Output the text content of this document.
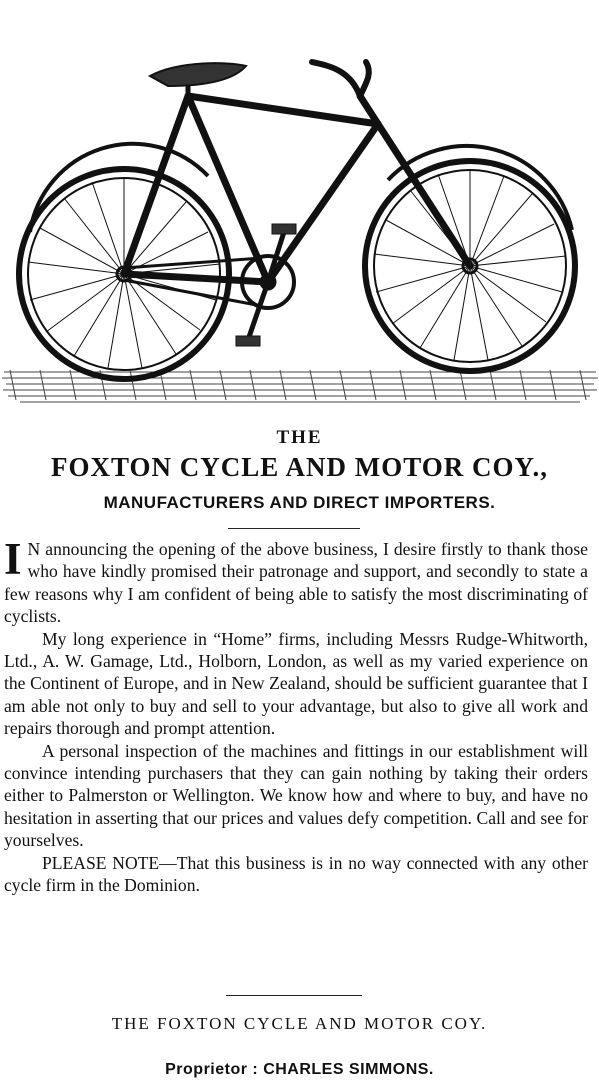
THE
FOXTON CYCLE AND MOTOR COY.,
MANUFACTURERS AND DIRECT IMPORTERS.

I N announcing the opening of the above business, I desire firstly to thank those who have kindly promised their patronage and support, and secondly to state a few reasons why I am confident of being able to satisfy the most discriminating of cyclists.

My long experience in “Home” firms, including Messrs Rudge-Whitworth, Ltd., A. W. Gamage, Ltd., Holborn, London, as well as my varied experience on the Continent of Europe, and in New Zealand, should be sufficient guarantee that I am able not only to buy and sell to your advantage, but also to give all work and repairs thorough and prompt attention.

A personal inspection of the machines and fittings in our establishment will convince intending purchasers that they can gain nothing by taking their orders either to Palmerston or Wellington. We know how and where to buy, and have no hesitation in asserting that our prices and values defy competition. Call and see for yourselves.

PLEASE NOTE—That this business is in no way connected with any other cycle firm in the Dominion.

THE FOXTON CYCLE AND MOTOR COY.
Proprietor : CHARLES SIMMONS.
